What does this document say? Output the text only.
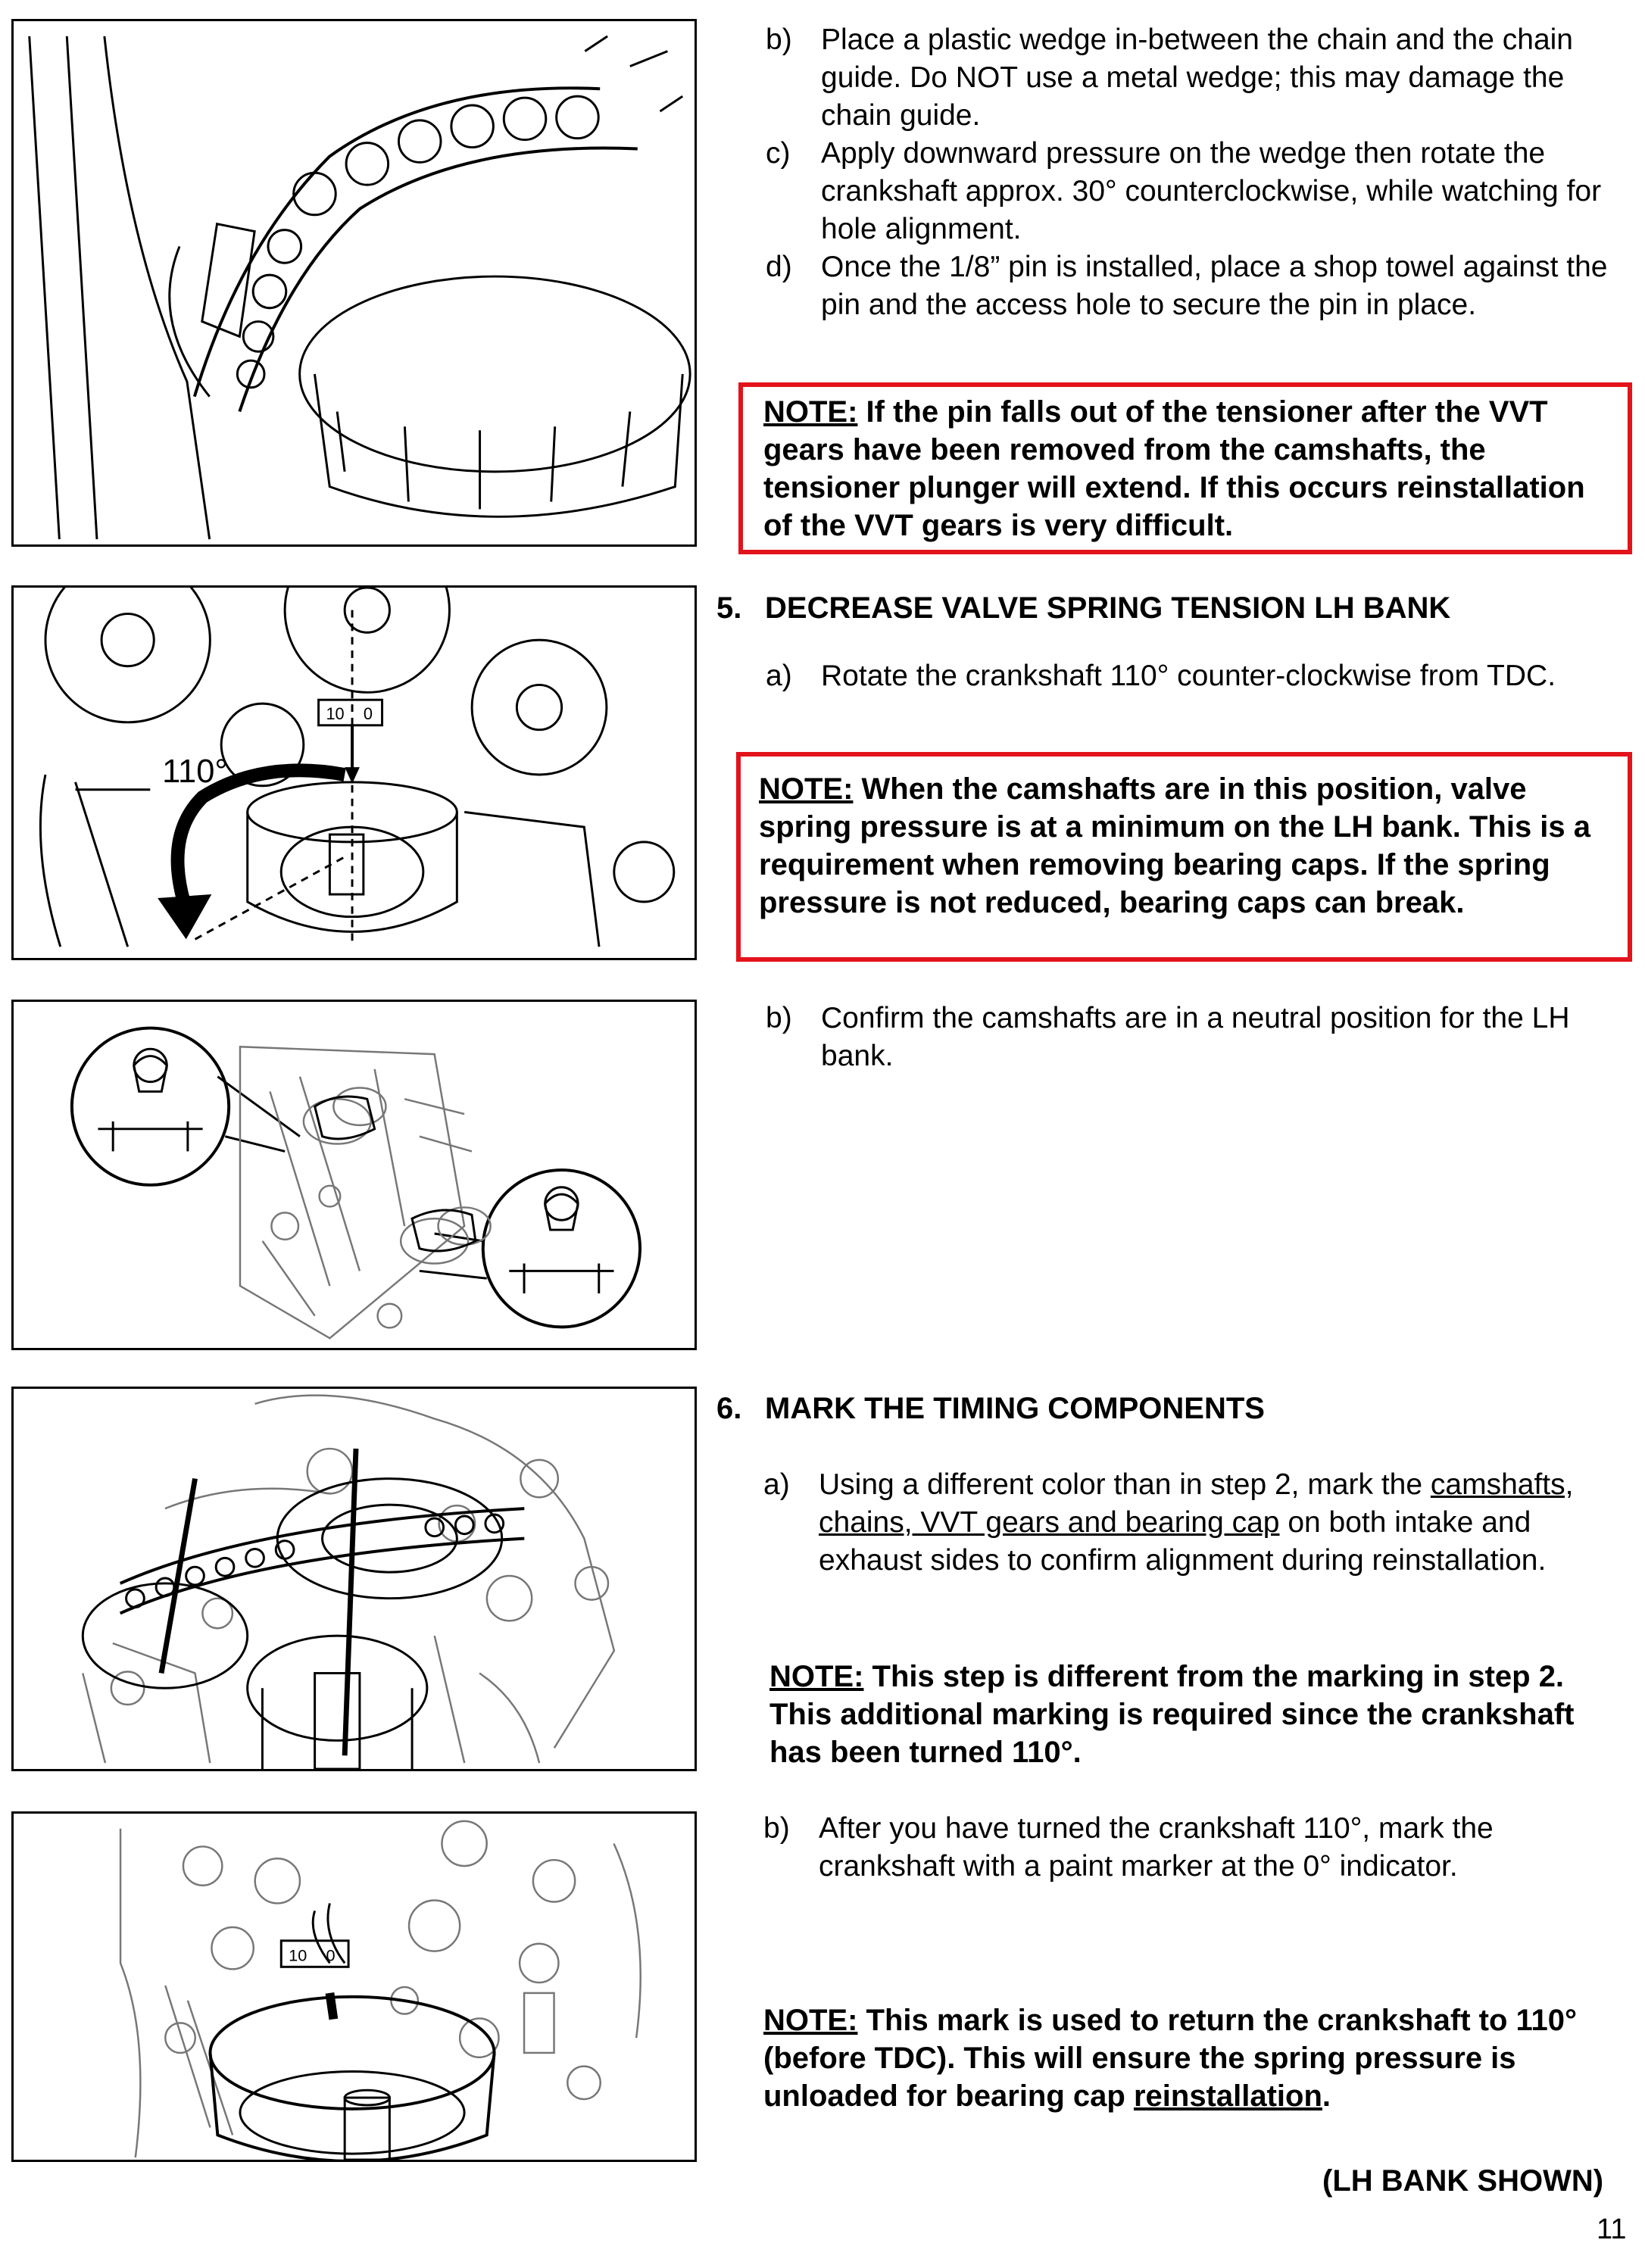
b) Place a plastic wedge in-between the chain and the chain guide. Do NOT use a metal wedge; this may damage the chain guide.
c) Apply downward pressure on the wedge then rotate the crankshaft approx. 30° counterclockwise, while watching for hole alignment.
d) Once the 1/8” pin is installed, place a shop towel against the pin and the access hole to secure the pin in place.
NOTE: If the pin falls out of the tensioner after the VVT gears have been removed from the camshafts, the tensioner plunger will extend. If this occurs reinstallation of the VVT gears is very difficult.
10 0
110°
5. DECREASE VALVE SPRING TENSION LH BANK
a) Rotate the crankshaft 110° counter-clockwise from TDC.
NOTE: When the camshafts are in this position, valve spring pressure is at a minimum on the LH bank. This is a requirement when removing bearing caps. If the spring pressure is not reduced, bearing caps can break.
b) Confirm the camshafts are in a neutral position for the LH bank.
6. MARK THE TIMING COMPONENTS
a) Using a different color than in step 2, mark the camshafts, chains, VVT gears and bearing cap on both intake and exhaust sides to confirm alignment during reinstallation.
NOTE: This step is different from the marking in step 2. This additional marking is required since the crankshaft has been turned 110°.
10 0
b) After you have turned the crankshaft 110°, mark the crankshaft with a paint marker at the 0° indicator.
NOTE: This mark is used to return the crankshaft to 110° (before TDC). This will ensure the spring pressure is unloaded for bearing cap reinstallation.
(LH BANK SHOWN)
11
